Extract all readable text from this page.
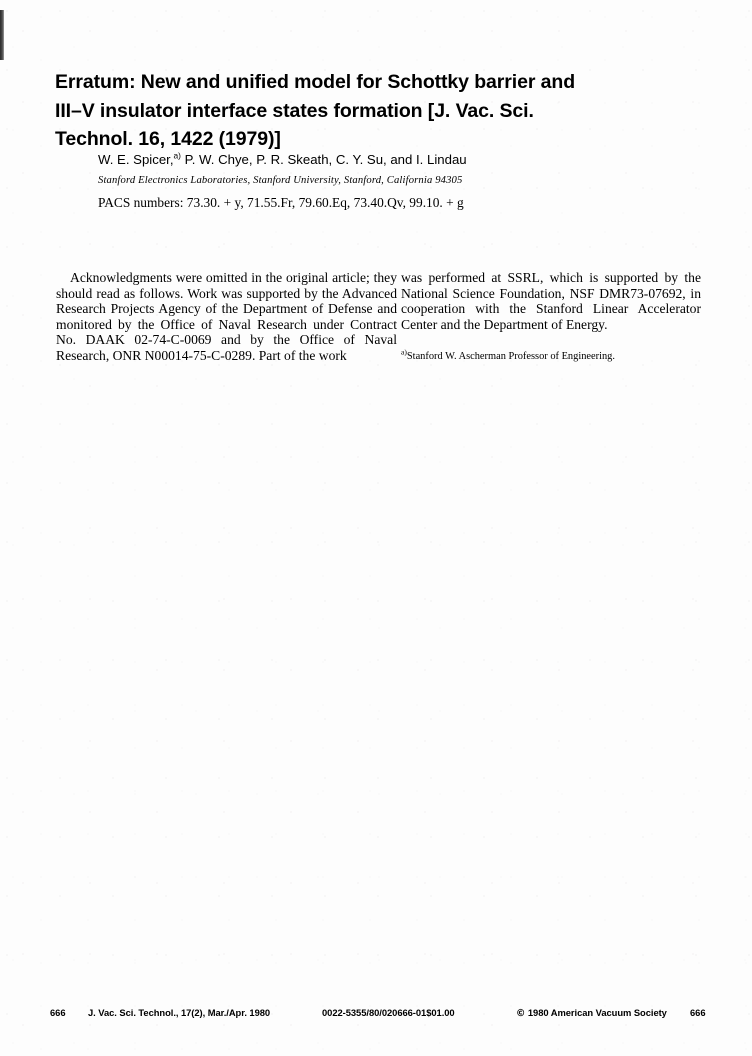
Erratum: New and unified model for Schottky barrier and
III–V insulator interface states formation [J. Vac. Sci.
Technol. 16, 1422 (1979)]
W. E. Spicer,$^{a)}$ P. W. Chye, P. R. Skeath, C. Y. Su, and I. Lindau
Stanford Electronics Laboratories, Stanford University, Stanford, California 94305
PACS numbers: 73.30. + y, 71.55.Fr, 79.60.Eq, 73.40.Qv, 99.10. + g

Acknowledgments were omitted in the original article; they should read as follows. Work was supported by the Advanced Research Projects Agency of the Department of Defense and monitored by the Office of Naval Research under Contract No. DAAK 02-74-C-0069 and by the Office of Naval Research, ONR N00014-75-C-0289. Part of the work

was performed at SSRL, which is supported by the National Science Foundation, NSF DMR73-07692, in cooperation with the Stanford Linear Accelerator Center and the Department of Energy.

$^{a)}$Stanford W. Ascherman Professor of Engineering.
666 J. Vac. Sci. Technol., 17(2), Mar./Apr. 1980	0022-5355/80/020666-01$01.00	© 1980 American Vacuum Society 666
